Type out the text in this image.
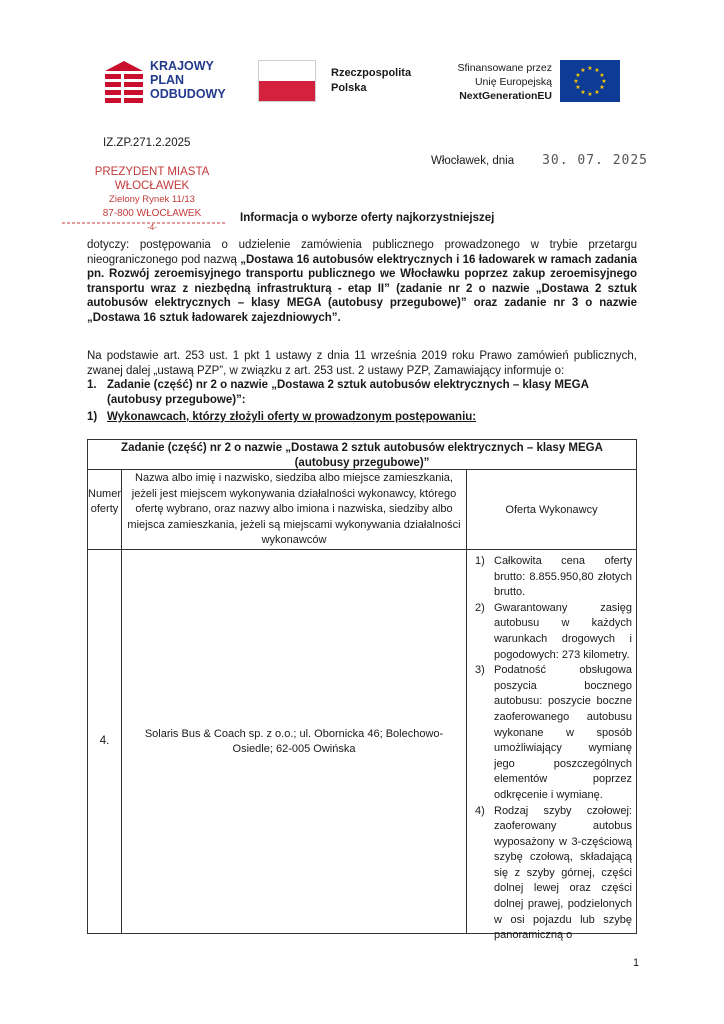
KRAJOWY
PLAN
ODBUDOWY
Rzeczpospolita
Polska
Sfinansowane przez
Unię Europejską
NextGenerationEU
★ ★
★
★
★
★
★
★
★
★
★
★
IZ.ZP.271.2.2025
Włocławek, dnia 30. 07. 2025
PREZYDENT MIASTA WŁOCŁAWEK
Zielony Rynek 11/13
87-800 WŁOCŁAWEK
-4-
Informacja o wyborze oferty najkorzystniejszej
dotyczy: postępowania o udzielenie zamówienia publicznego prowadzonego w trybie przetargu nieograniczonego pod nazwą „Dostawa 16 autobusów elektrycznych i 16 ładowarek w ramach zadania pn. Rozwój zeroemisyjnego transportu publicznego we Włocławku poprzez zakup zeroemisyjnego transportu wraz z niezbędną infrastrukturą - etap II” (zadanie nr 2 o nazwie „Dostawa 2 sztuk autobusów elektrycznych – klasy MEGA (autobusy przegubowe)” oraz zadanie nr 3 o nazwie „Dostawa 16 sztuk ładowarek zajezdniowych”.
Na podstawie art. 253 ust. 1 pkt 1 ustawy z dnia 11 września 2019 roku Prawo zamówień publicznych, zwanej dalej „ustawą PZP”, w związku z art. 253 ust. 2 ustawy PZP, Zamawiający informuje o:
1. Zadanie (część) nr 2 o nazwie „Dostawa 2 sztuk autobusów elektrycznych – klasy MEGA (autobusy przegubowe)”:
1) Wykonawcach, którzy złożyli oferty w prowadzonym postępowaniu:
Zadanie (część) nr 2 o nazwie „Dostawa 2 sztuk autobusów elektrycznych – klasy MEGA (autobusy przegubowe)”
Numer oferty
Nazwa albo imię i nazwisko, siedziba albo miejsce zamieszkania, jeżeli jest miejscem wykonywania działalności wykonawcy, którego ofertę wybrano, oraz nazwy albo imiona i nazwiska, siedziby albo miejsca zamieszkania, jeżeli są miejscami wykonywania działalności wykonawców
Oferta Wykonawcy
4.
Solaris Bus & Coach sp. z o.o.; ul. Obornicka 46; Bolechowo-Osiedle; 62-005 Owińska
1) Całkowita cena oferty brutto: 8.855.950,80 złotych brutto.
2) Gwarantowany zasięg autobusu w każdych warunkach drogowych i pogodowych: 273 kilometry.
3) Podatność obsługowa poszycia bocznego autobusu: poszycie boczne zaoferowanego autobusu wykonane w sposób umożliwiający wymianę jego poszczególnych elementów poprzez odkręcenie i wymianę.
4) Rodzaj szyby czołowej: zaoferowany autobus wyposażony w 3-częściową szybę czołową, składającą się z szyby górnej, części dolnej lewej oraz części dolnej prawej, podzielonych w osi pojazdu lub szybę panoramiczną o
1
